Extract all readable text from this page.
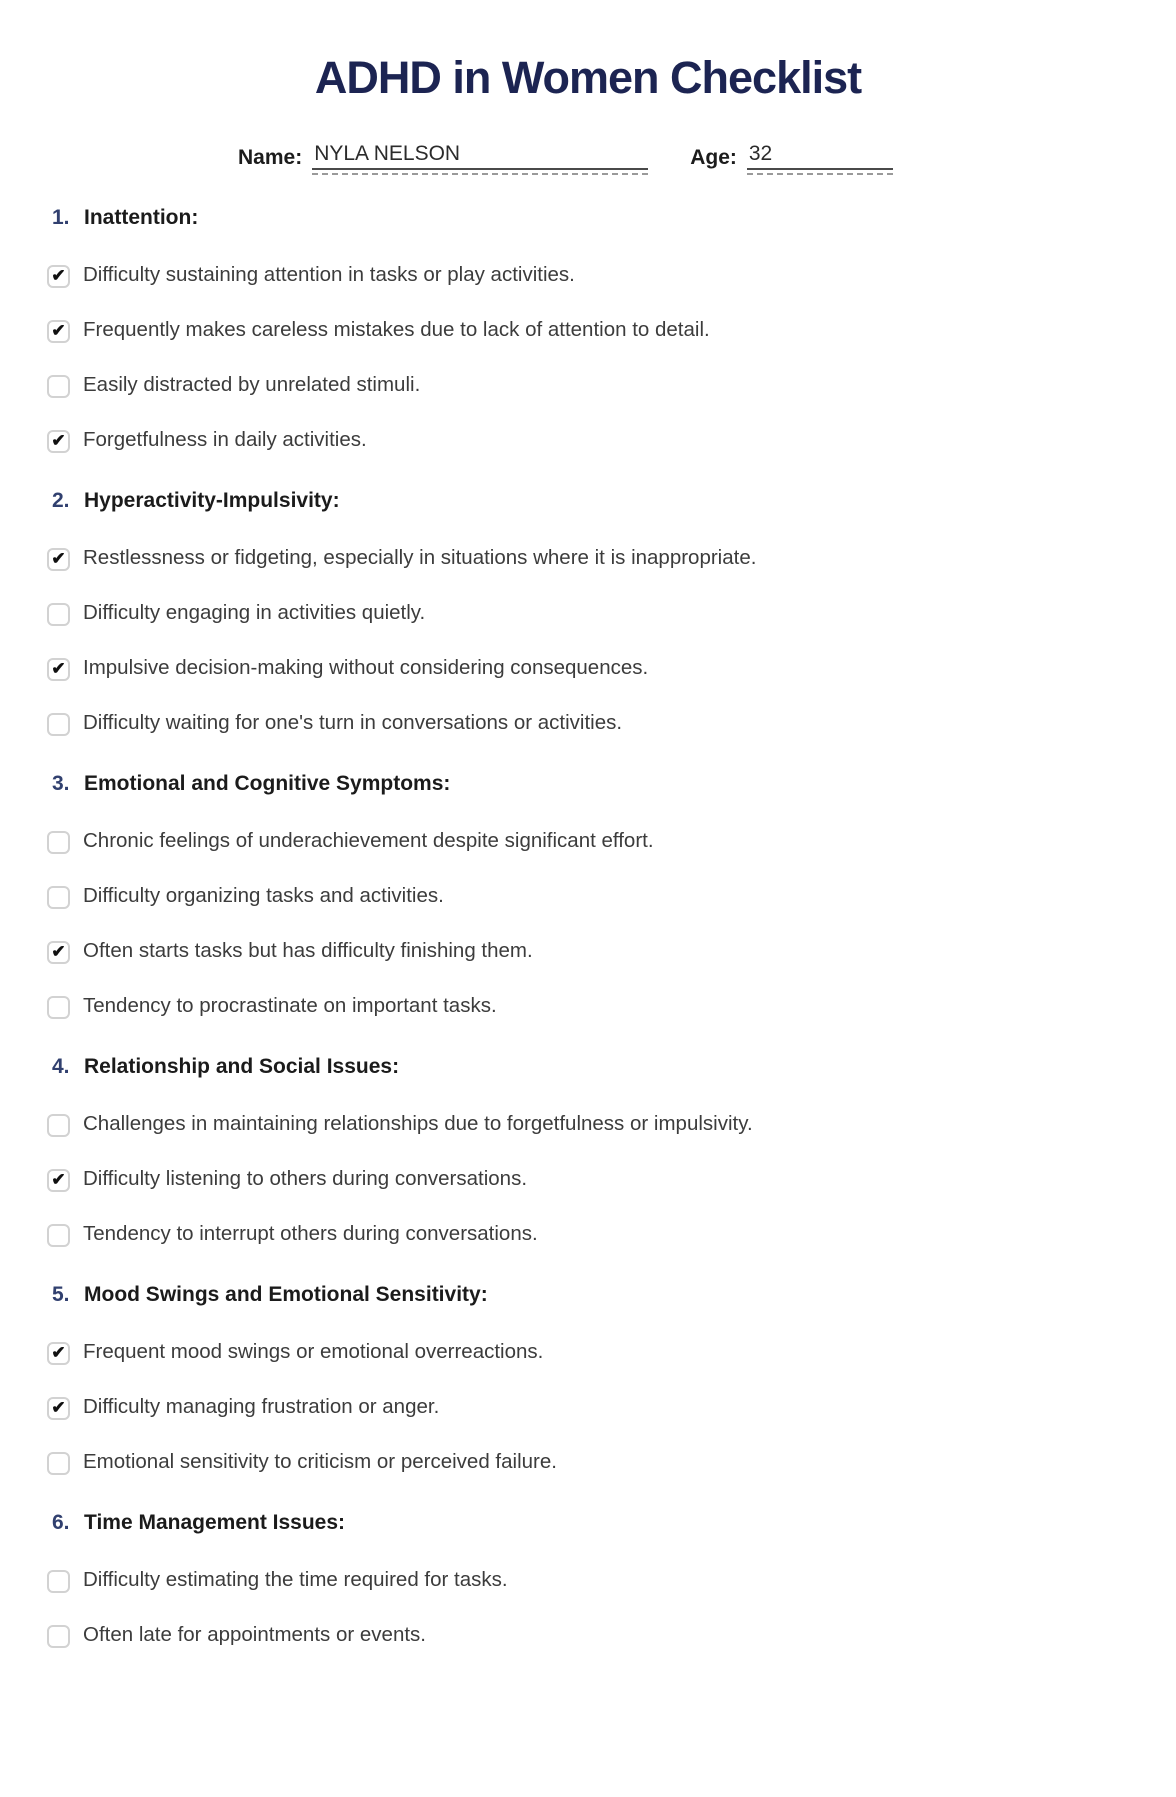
ADHD in Women Checklist
Name: NYLA NELSON	Age: 32
1. Inattention:
✔ Difficulty sustaining attention in tasks or play activities.
✔ Frequently makes careless mistakes due to lack of attention to detail.
Easily distracted by unrelated stimuli.
✔ Forgetfulness in daily activities.
2. Hyperactivity-Impulsivity:
✔ Restlessness or fidgeting, especially in situations where it is inappropriate.
Difficulty engaging in activities quietly.
✔ Impulsive decision-making without considering consequences.
Difficulty waiting for one's turn in conversations or activities.
3. Emotional and Cognitive Symptoms:
Chronic feelings of underachievement despite significant effort.
Difficulty organizing tasks and activities.
✔ Often starts tasks but has difficulty finishing them.
Tendency to procrastinate on important tasks.
4. Relationship and Social Issues:
Challenges in maintaining relationships due to forgetfulness or impulsivity.
✔ Difficulty listening to others during conversations.
Tendency to interrupt others during conversations.
5. Mood Swings and Emotional Sensitivity:
✔ Frequent mood swings or emotional overreactions.
✔ Difficulty managing frustration or anger.
Emotional sensitivity to criticism or perceived failure.
6. Time Management Issues:
Difficulty estimating the time required for tasks.
Often late for appointments or events.
